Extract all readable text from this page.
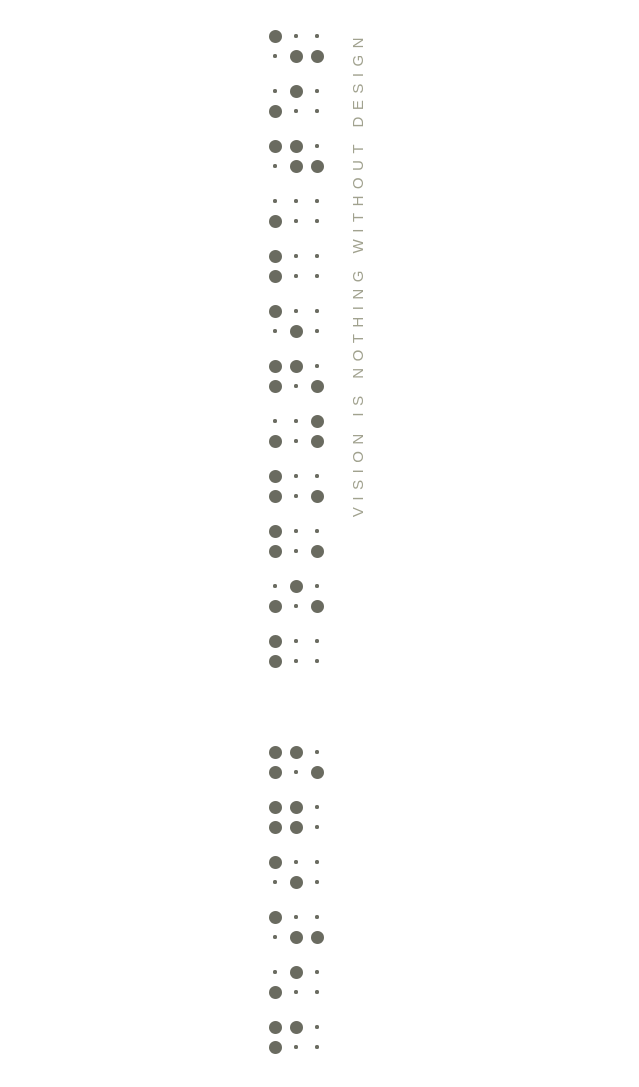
VISION IS NOTHING WITHOUT DESIGN
